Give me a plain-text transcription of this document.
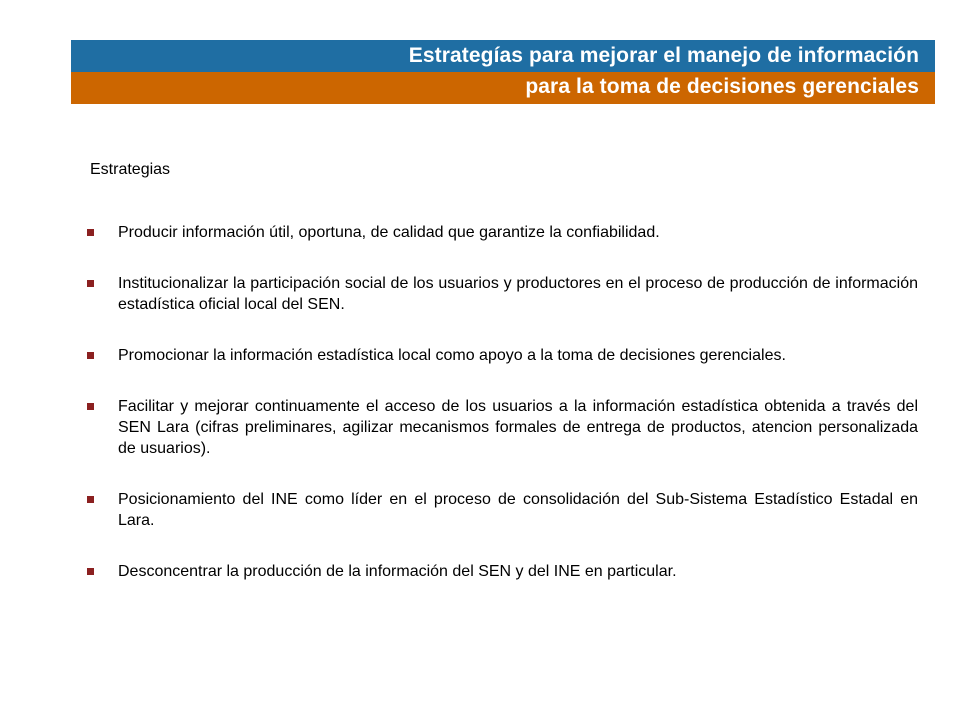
Estrategías para mejorar el manejo de información
para la toma de decisiones gerenciales
Estrategias
Producir información útil, oportuna, de calidad que garantize la confiabilidad.
Institucionalizar la participación social de los usuarios y productores en el proceso de producción de información estadística oficial local del SEN.
Promocionar la información estadística local como apoyo a la toma de decisiones gerenciales.
Facilitar y mejorar continuamente el acceso de los usuarios a la información estadística obtenida a través del SEN Lara (cifras preliminares, agilizar mecanismos formales de entrega de productos, atencion personalizada de usuarios).
Posicionamiento del INE como líder en el proceso de consolidación del Sub-Sistema Estadístico Estadal en Lara.
Desconcentrar la producción de la información del SEN y del INE en particular.
